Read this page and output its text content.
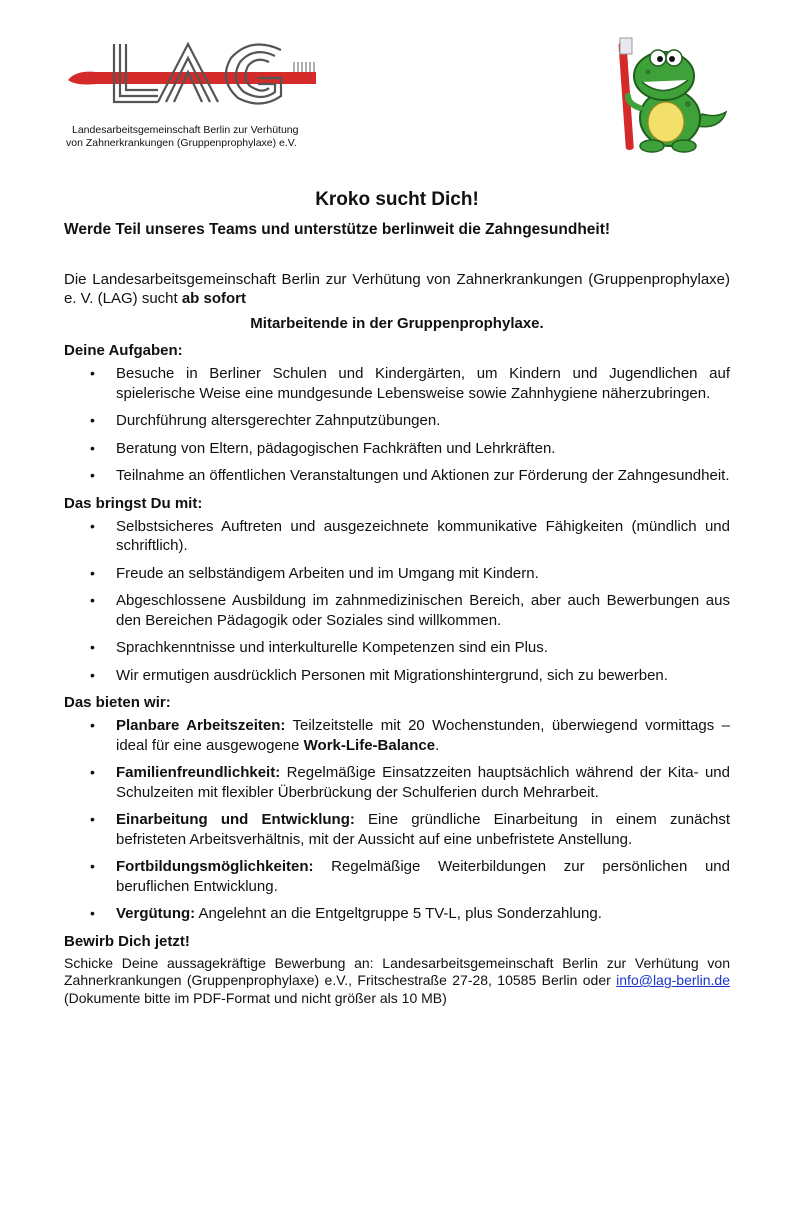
Landesarbeitsgemeinschaft Berlin zur Verhütung
von Zahnerkrankungen (Gruppenprophylaxe) e.V.
Kroko sucht Dich!

Werde Teil unseres Teams und unterstütze berlinweit die Zahngesundheit!

Die Landesarbeitsgemeinschaft Berlin zur Verhütung von Zahnerkrankungen (Gruppenprophylaxe) e. V. (LAG) sucht ab sofort

Mitarbeitende in der Gruppenprophylaxe.
Deine Aufgaben:
• Besuche in Berliner Schulen und Kindergärten, um Kindern und Jugendlichen auf spielerische Weise eine mundgesunde Lebensweise sowie Zahnhygiene näherzubringen.
• Durchführung altersgerechter Zahnputzübungen.
• Beratung von Eltern, pädagogischen Fachkräften und Lehrkräften.
• Teilnahme an öffentlichen Veranstaltungen und Aktionen zur Förderung der Zahngesundheit.
Das bringst Du mit:
• Selbstsicheres Auftreten und ausgezeichnete kommunikative Fähigkeiten (mündlich und schriftlich).
• Freude an selbständigem Arbeiten und im Umgang mit Kindern.
• Abgeschlossene Ausbildung im zahnmedizinischen Bereich, aber auch Bewerbungen aus den Bereichen Pädagogik oder Soziales sind willkommen.
• Sprachkenntnisse und interkulturelle Kompetenzen sind ein Plus.
• Wir ermutigen ausdrücklich Personen mit Migrationshintergrund, sich zu bewerben.
Das bieten wir:
• Planbare Arbeitszeiten: Teilzeitstelle mit 20 Wochenstunden, überwiegend vormittags – ideal für eine ausgewogene Work-Life-Balance.
• Familienfreundlichkeit: Regelmäßige Einsatzzeiten hauptsächlich während der Kita- und Schulzeiten mit flexibler Überbrückung der Schulferien durch Mehrarbeit.
• Einarbeitung und Entwicklung: Eine gründliche Einarbeitung in einem zunächst befristeten Arbeitsverhältnis, mit der Aussicht auf eine unbefristete Anstellung.
• Fortbildungsmöglichkeiten: Regelmäßige Weiterbildungen zur persönlichen und beruflichen Entwicklung.
• Vergütung: Angelehnt an die Entgeltgruppe 5 TV-L, plus Sonderzahlung.
Bewirb Dich jetzt!

Schicke Deine aussagekräftige Bewerbung an: Landesarbeitsgemeinschaft Berlin zur Verhütung von Zahnerkrankungen (Gruppenprophylaxe) e.V., Fritschestraße 27-28, 10585 Berlin oder info@lag-berlin.de (Dokumente bitte im PDF-Format und nicht größer als 10 MB)
